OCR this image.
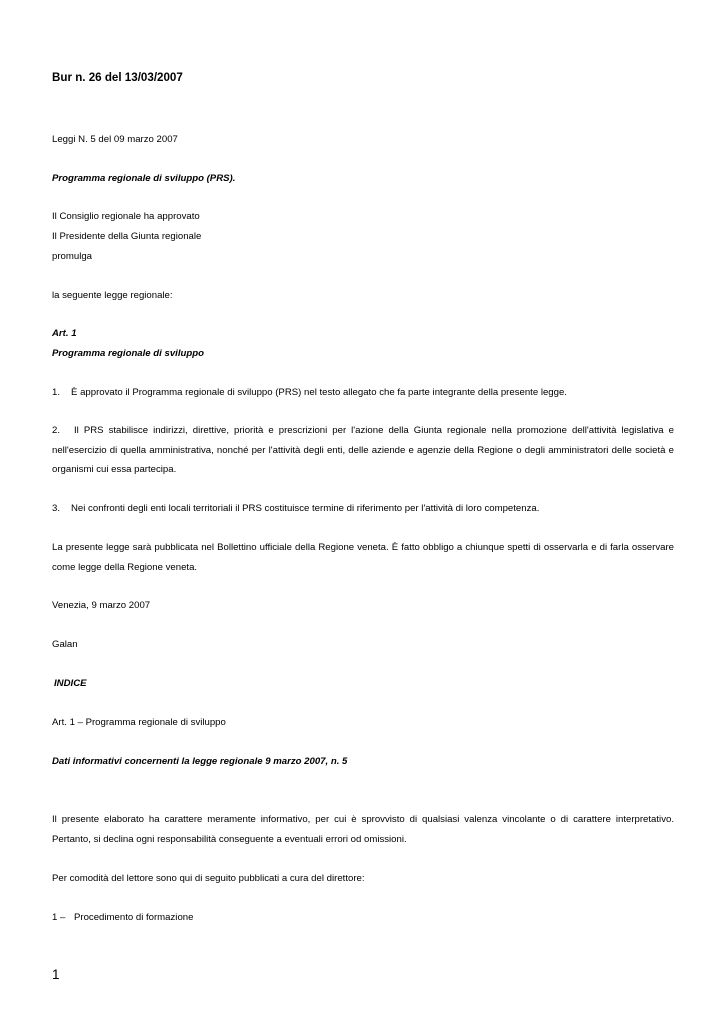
Bur n. 26 del 13/03/2007

Leggi N. 5 del 09 marzo 2007

Programma regionale di sviluppo (PRS).

Il Consiglio regionale ha approvato

Il Presidente della Giunta regionale

promulga

la seguente legge regionale:

Art. 1

Programma regionale di sviluppo

1. È approvato il Programma regionale di sviluppo (PRS) nel testo allegato che fa parte integrante della presente legge.

2. Il PRS stabilisce indirizzi, direttive, priorità e prescrizioni per l'azione della Giunta regionale nella promozione dell'attività legislativa e nell'esercizio di quella amministrativa, nonché per l'attività degli enti, delle aziende e agenzie della Regione o degli amministratori delle società e organismi cui essa partecipa.

3. Nei confronti degli enti locali territoriali il PRS costituisce termine di riferimento per l'attività di loro competenza.

La presente legge sarà pubblicata nel Bollettino ufficiale della Regione veneta. È fatto obbligo a chiunque spetti di osservarla e di farla osservare come legge della Regione veneta.

Venezia, 9 marzo 2007

Galan

INDICE

Art. 1 – Programma regionale di sviluppo

Dati informativi concernenti la legge regionale 9 marzo 2007, n. 5

Il presente elaborato ha carattere meramente informativo, per cui è sprovvisto di qualsiasi valenza vincolante o di carattere interpretativo. Pertanto, si declina ogni responsabilità conseguente a eventuali errori od omissioni.

Per comodità del lettore sono qui di seguito pubblicati a cura del direttore:

1 – Procedimento di formazione

1
